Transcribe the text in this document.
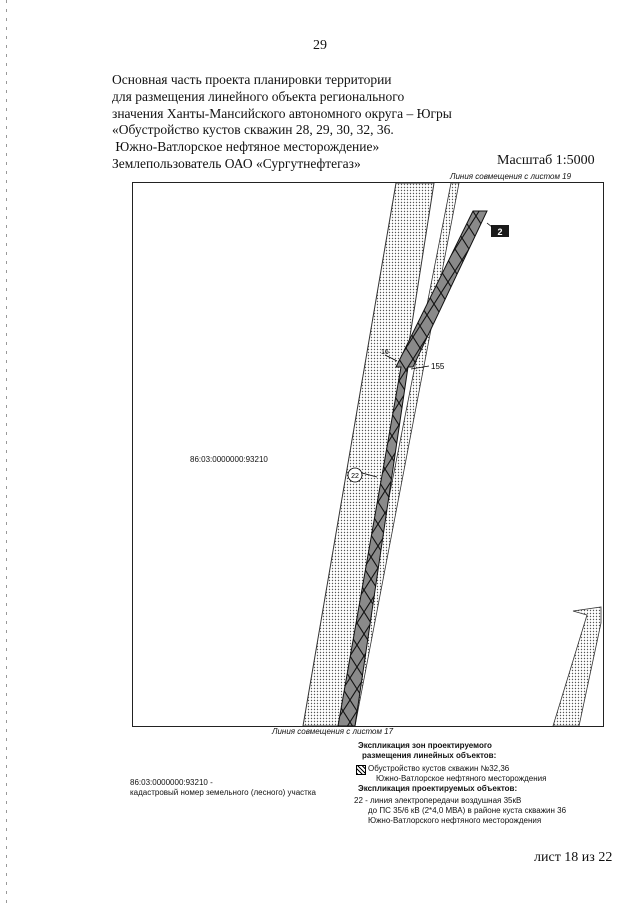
29
Основная часть проекта планировки территории
для размещения линейного объекта регионального
значения Ханты-Мансийского автономного округа – Югры
«Обустройство кустов скважин 28, 29, 30, 32, 36.
Южно-Ватлорское нефтяное месторождение»
Землепользователь ОАО «Сургутнефтегаз»	Масштаб 1:5000
Линия совмещения с листом 19
2
16
155
22
86:03:0000000:93210
Линия совмещения с листом 17
86:03:0000000:93210 -
кадастровый номер земельного (лесного) участка
Экспликация зон проектируемого
размещения линейных объектов:
Обустройство кустов скважин №32,36
Южно-Ватлорское нефтяного месторождения
Экспликация проектируемых объектов:
22 - линия электропередачи воздушная 35кВ
до ПС 35/6 кВ (2*4,0 МВА) в районе куста скважин 36
Южно-Ватлорского нефтяного месторождения
лист 18 из 22
